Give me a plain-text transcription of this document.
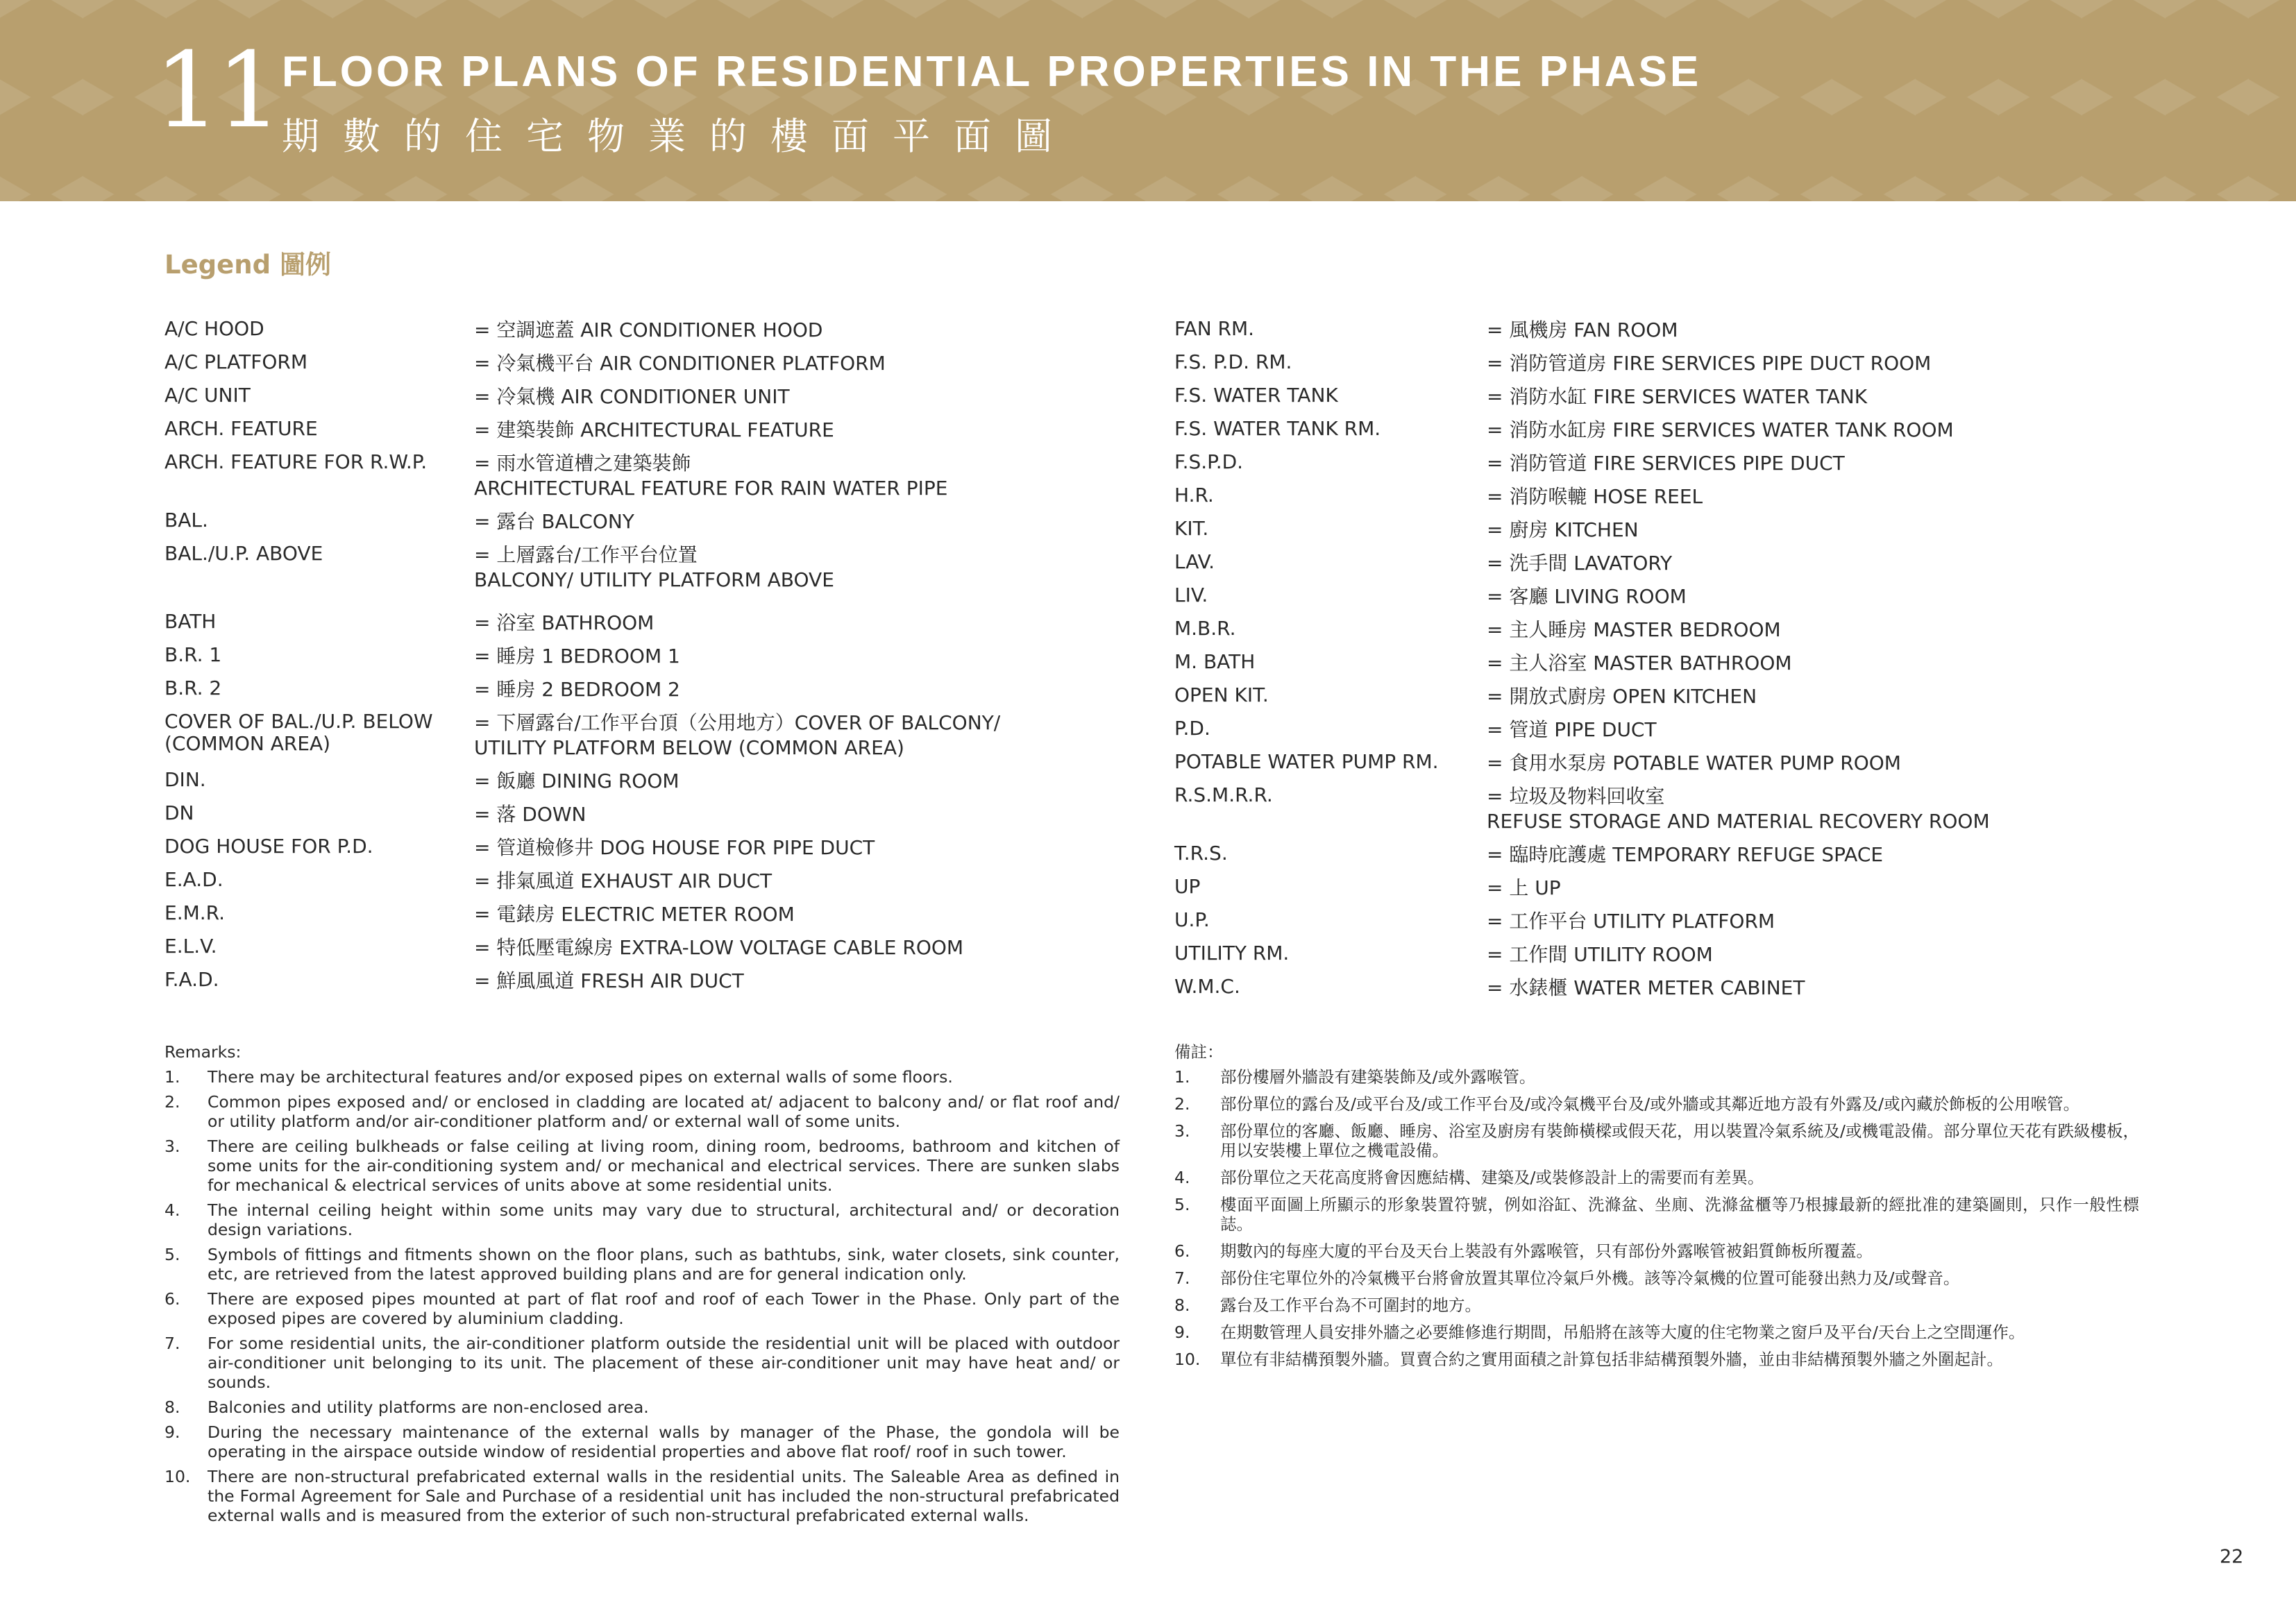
11 FLOOR PLANS OF RESIDENTIAL PROPERTIES IN THE PHASE
期數的住宅物業的樓面平面圖
Legend 圖例
A/C HOOD	= 空調遮蓋 AIR CONDITIONER HOOD
A/C PLATFORM	= 冷氣機平台 AIR CONDITIONER PLATFORM
A/C UNIT	= 冷氣機 AIR CONDITIONER UNIT
ARCH. FEATURE	= 建築裝飾 ARCHITECTURAL FEATURE
ARCH. FEATURE FOR R.W.P.	= 雨水管道槽之建築裝飾
ARCHITECTURAL FEATURE FOR RAIN WATER PIPE
BAL.	= 露台 BALCONY
BAL./U.P. ABOVE	= 上層露台/工作平台位置
BALCONY/ UTILITY PLATFORM ABOVE
BATH	= 浴室 BATHROOM
B.R. 1	= 睡房 1 BEDROOM 1
B.R. 2	= 睡房 2 BEDROOM 2
COVER OF BAL./U.P. BELOW
(COMMON AREA)
= 下層露台/工作平台頂（公用地方）COVER OF BALCONY/
UTILITY PLATFORM BELOW (COMMON AREA)
DIN.	= 飯廳 DINING ROOM
DN	= 落 DOWN
DOG HOUSE FOR P.D.	= 管道檢修井 DOG HOUSE FOR PIPE DUCT
E.A.D.	= 排氣風道 EXHAUST AIR DUCT
E.M.R.	= 電錶房 ELECTRIC METER ROOM
E.L.V.	= 特低壓電線房 EXTRA-LOW VOLTAGE CABLE ROOM
F.A.D.	= 鮮風風道 FRESH AIR DUCT
FAN RM.	= 風機房 FAN ROOM
F.S. P.D. RM.	= 消防管道房 FIRE SERVICES PIPE DUCT ROOM
F.S. WATER TANK	= 消防水缸 FIRE SERVICES WATER TANK
F.S. WATER TANK RM.	= 消防水缸房 FIRE SERVICES WATER TANK ROOM
F.S.P.D.	= 消防管道 FIRE SERVICES PIPE DUCT
H.R.	= 消防喉轆 HOSE REEL
KIT.	= 廚房 KITCHEN
LAV.	= 洗手間 LAVATORY
LIV.	= 客廳 LIVING ROOM
M.B.R.	= 主人睡房 MASTER BEDROOM
M. BATH	= 主人浴室 MASTER BATHROOM
OPEN KIT.	= 開放式廚房 OPEN KITCHEN
P.D.	= 管道 PIPE DUCT
POTABLE WATER PUMP RM.	= 食用水泵房 POTABLE WATER PUMP ROOM
R.S.M.R.R.	= 垃圾及物料回收室
REFUSE STORAGE AND MATERIAL RECOVERY ROOM
T.R.S.	= 臨時庇護處 TEMPORARY REFUGE SPACE
UP	= 上 UP
U.P.	= 工作平台 UTILITY PLATFORM
UTILITY RM.	= 工作間 UTILITY ROOM
W.M.C.	= 水錶櫃 WATER METER CABINET
Remarks:
1.	There may be architectural features and/or exposed pipes on external walls of some floors.
2.	Common pipes exposed and/ or enclosed in cladding are located at/ adjacent to balcony and/ or flat roof and/ or utility platform and/or air-conditioner platform and/ or external wall of some units.
3.	There are ceiling bulkheads or false ceiling at living room, dining room, bedrooms, bathroom and kitchen of some units for the air-conditioning system and/ or mechanical and electrical services. There are sunken slabs for mechanical & electrical services of units above at some residential units.
4.	The internal ceiling height within some units may vary due to structural, architectural and/ or decoration design variations.
5.	Symbols of fittings and fitments shown on the floor plans, such as bathtubs, sink, water closets, sink counter, etc, are retrieved from the latest approved building plans and are for general indication only.
6.	There are exposed pipes mounted at part of flat roof and roof of each Tower in the Phase. Only part of the exposed pipes are covered by aluminium cladding.
7.	For some residential units, the air-conditioner platform outside the residential unit will be placed with outdoor air-conditioner unit belonging to its unit. The placement of these air-conditioner unit may have heat and/ or sounds.
8.	Balconies and utility platforms are non-enclosed area.
9.	During the necessary maintenance of the external walls by manager of the Phase, the gondola will be operating in the airspace outside window of residential properties and above flat roof/ roof in such tower.
10.	There are non-structural prefabricated external walls in the residential units. The Saleable Area as defined in the Formal Agreement for Sale and Purchase of a residential unit has included the non-structural prefabricated external walls and is measured from the exterior of such non-structural prefabricated external walls.
備註：
1.	部份樓層外牆設有建築裝飾及/或外露喉管。
2.	部份單位的露台及/或平台及/或工作平台及/或冷氣機平台及/或外牆或其鄰近地方設有外露及/或內藏於飾板的公用喉管。
3.	部份單位的客廳、飯廳、睡房、浴室及廚房有裝飾橫樑或假天花，用以裝置冷氣系統及/或機電設備。部分單位天花有跌級樓板，用以安裝樓上單位之機電設備。
4.	部份單位之天花高度將會因應結構、建築及/或裝修設計上的需要而有差異。
5.	樓面平面圖上所顯示的形象裝置符號，例如浴缸、洗滌盆、坐廁、洗滌盆櫃等乃根據最新的經批准的建築圖則，只作一般性標誌。
6.	期數內的每座大廈的平台及天台上裝設有外露喉管，只有部份外露喉管被鋁質飾板所覆蓋。
7.	部份住宅單位外的冷氣機平台將會放置其單位冷氣戶外機。該等冷氣機的位置可能發出熱力及/或聲音。
8.	露台及工作平台為不可圍封的地方。
9.	在期數管理人員安排外牆之必要維修進行期間，吊船將在該等大廈的住宅物業之窗戶及平台/天台上之空間運作。
10.	單位有非結構預製外牆。買賣合約之實用面積之計算包括非結構預製外牆，並由非結構預製外牆之外圍起計。
22
